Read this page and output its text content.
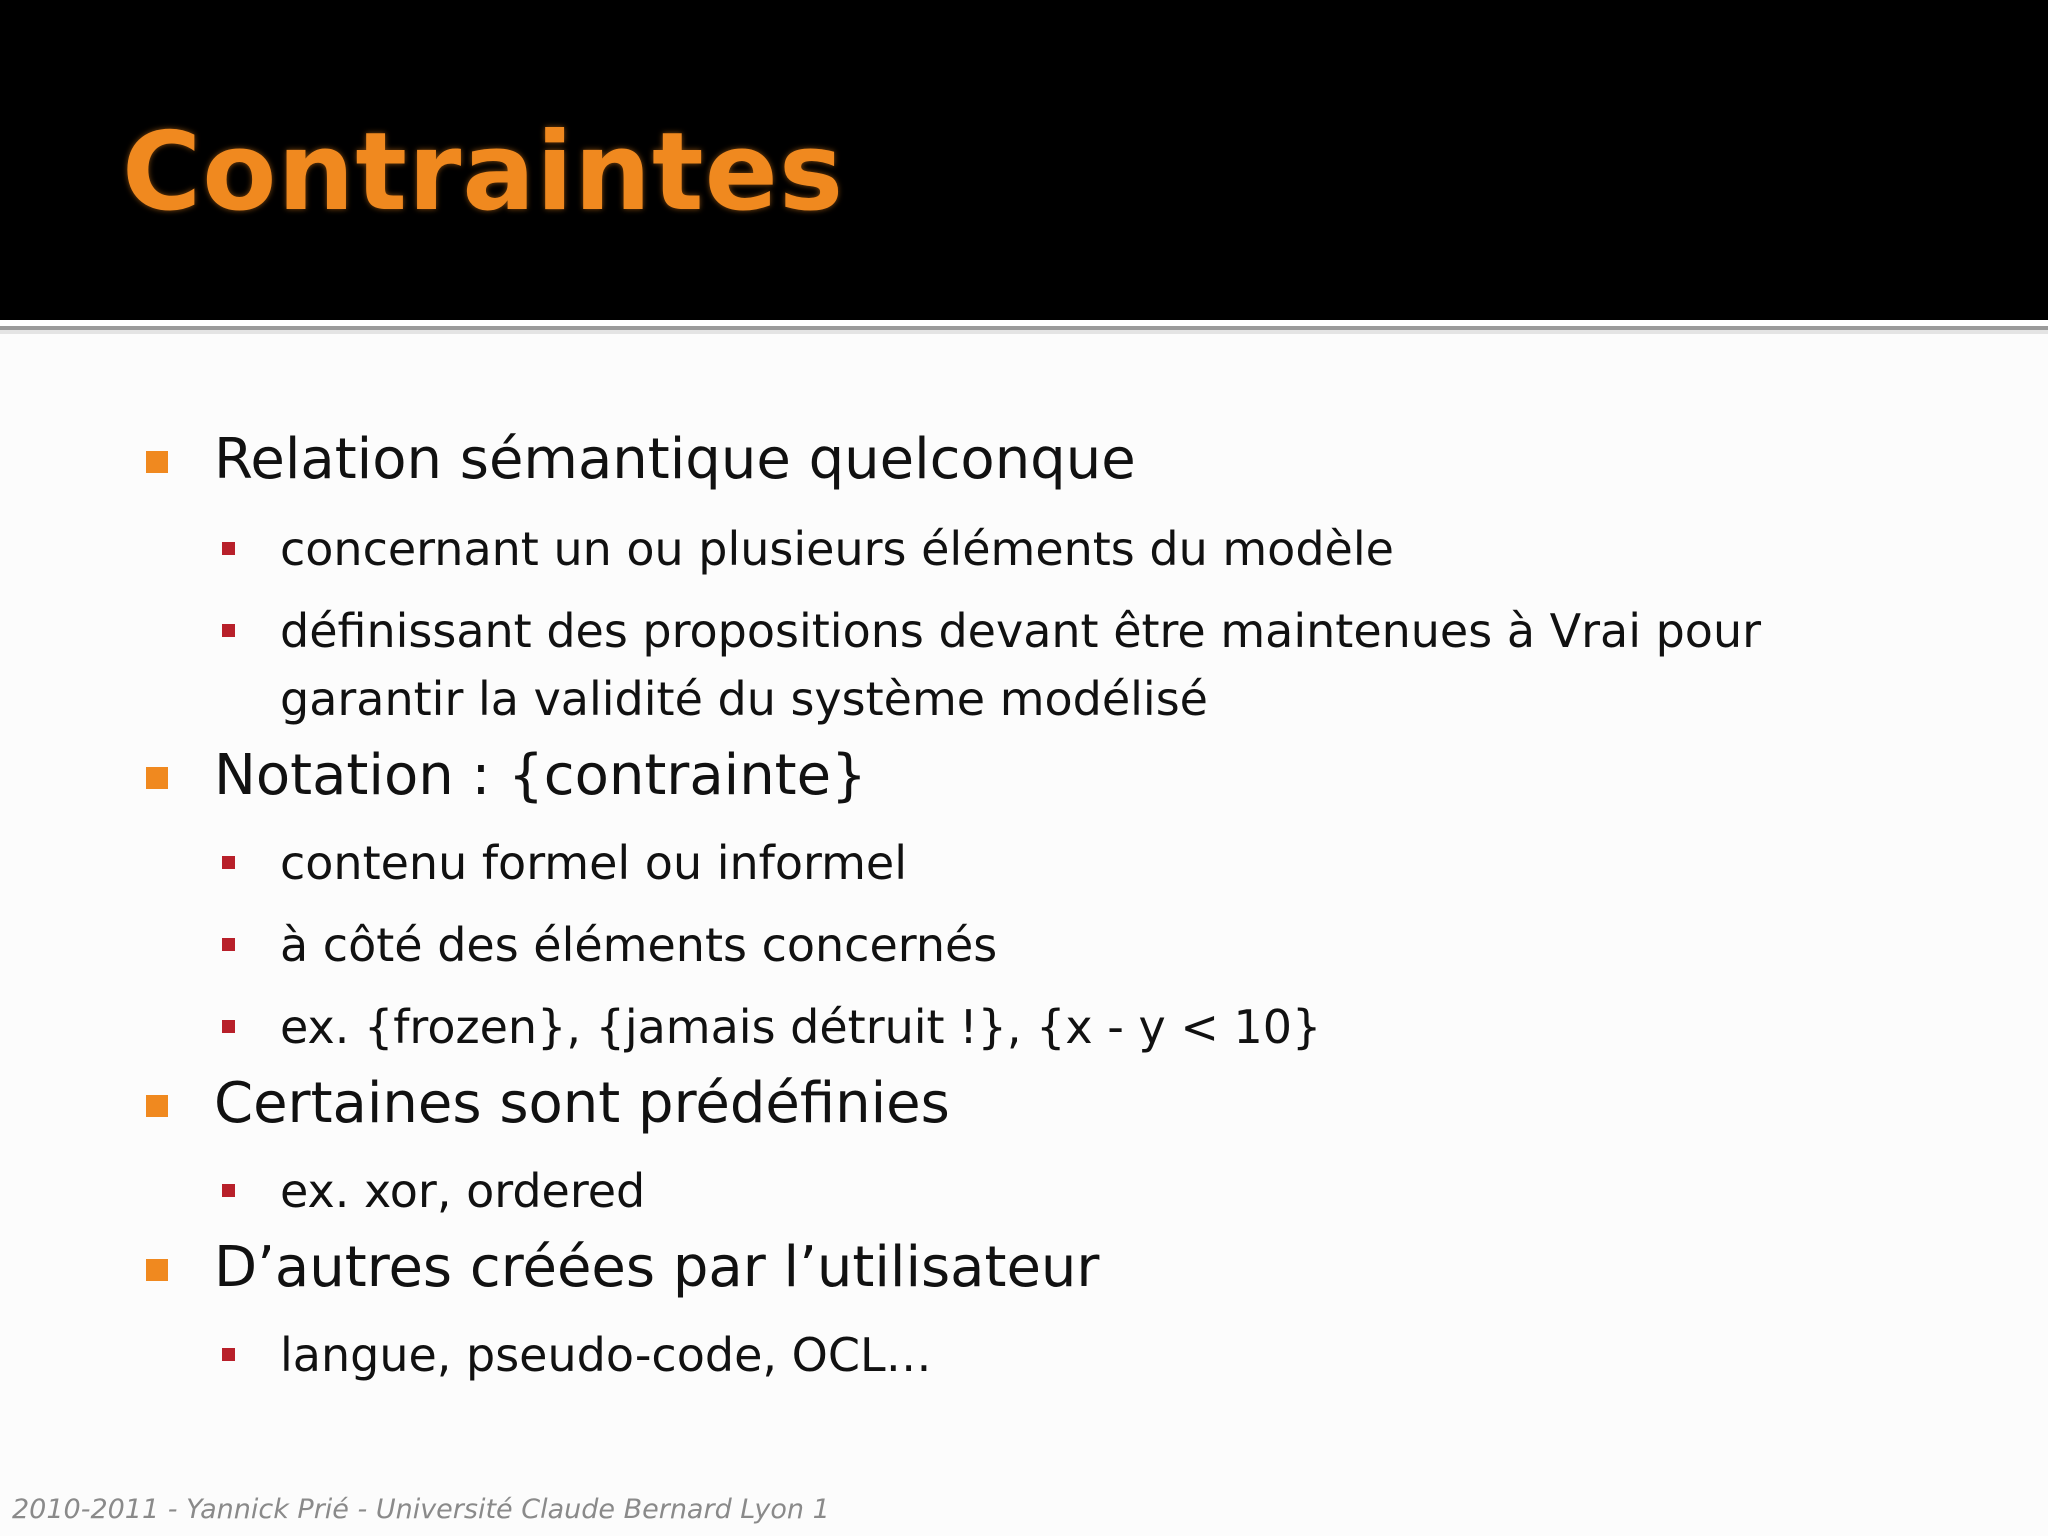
Contraintes
Relation sémantique quelconque
concernant un ou plusieurs éléments du modèle
définissant des propositions devant être maintenues à Vrai pour
garantir la validité du système modélisé
Notation : {contrainte}
contenu formel ou informel
à côté des éléments concernés
ex. {frozen}, {jamais détruit !}, {x - y < 10}
Certaines sont prédéfinies
ex. xor, ordered
D’autres créées par l’utilisateur
langue, pseudo-code, OCL…
2010-2011 - Yannick Prié - Université Claude Bernard Lyon 1
